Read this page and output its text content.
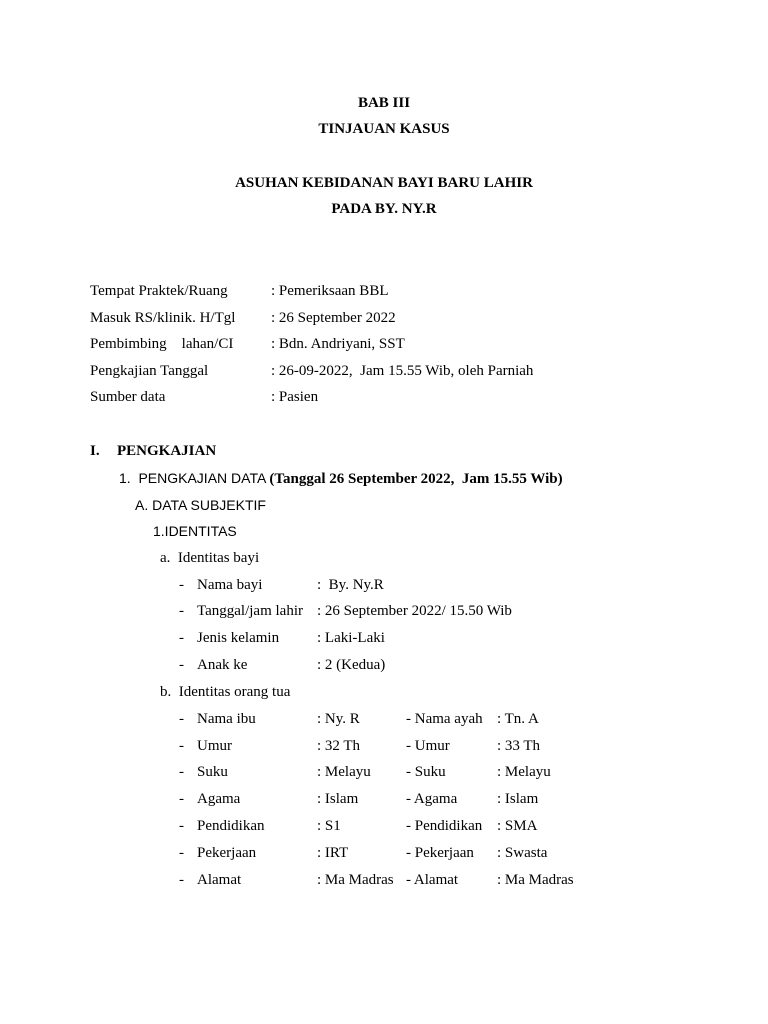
BAB III
TINJAUAN KASUS
ASUHAN KEBIDANAN BAYI BARU LAHIR
PADA BY. NY.R
Tempat Praktek/Ruang	: Pemeriksaan BBL
Masuk RS/klinik. H/Tgl : 26 September 2022
Pembimbing    lahan/CI	: Bdn. Andriyani, SST
Pengkajian Tanggal	: 26-09-2022,  Jam 15.55 Wib, oleh Parniah
Sumber data	: Pasien
I. PENGKAJIAN
1.  PENGKAJIAN DATA (Tanggal 26 September 2022,  Jam 15.55 Wib)
A. DATA SUBJEKTIF
1.IDENTITAS
a.  Identitas bayi
- Nama bayi	:  By. Ny.R
- Tanggal/jam lahir : 26 September 2022/ 15.50 Wib
- Jenis kelamin	: Laki-Laki
- Anak ke	: 2 (Kedua)
b.  Identitas orang tua
- Nama ibu	: Ny. R	- Nama ayah : Tn. A
- Umur	: 32 Th	- Umur	: 33 Th
- Suku	: Melayu - Suku	: Melayu
- Agama	: Islam	- Agama	: Islam
- Pendidikan	: S1	- Pendidikan : SMA
- Pekerjaan	: IRT	- Pekerjaan : Swasta
- Alamat	: Ma Madras - Alamat	: Ma Madras
